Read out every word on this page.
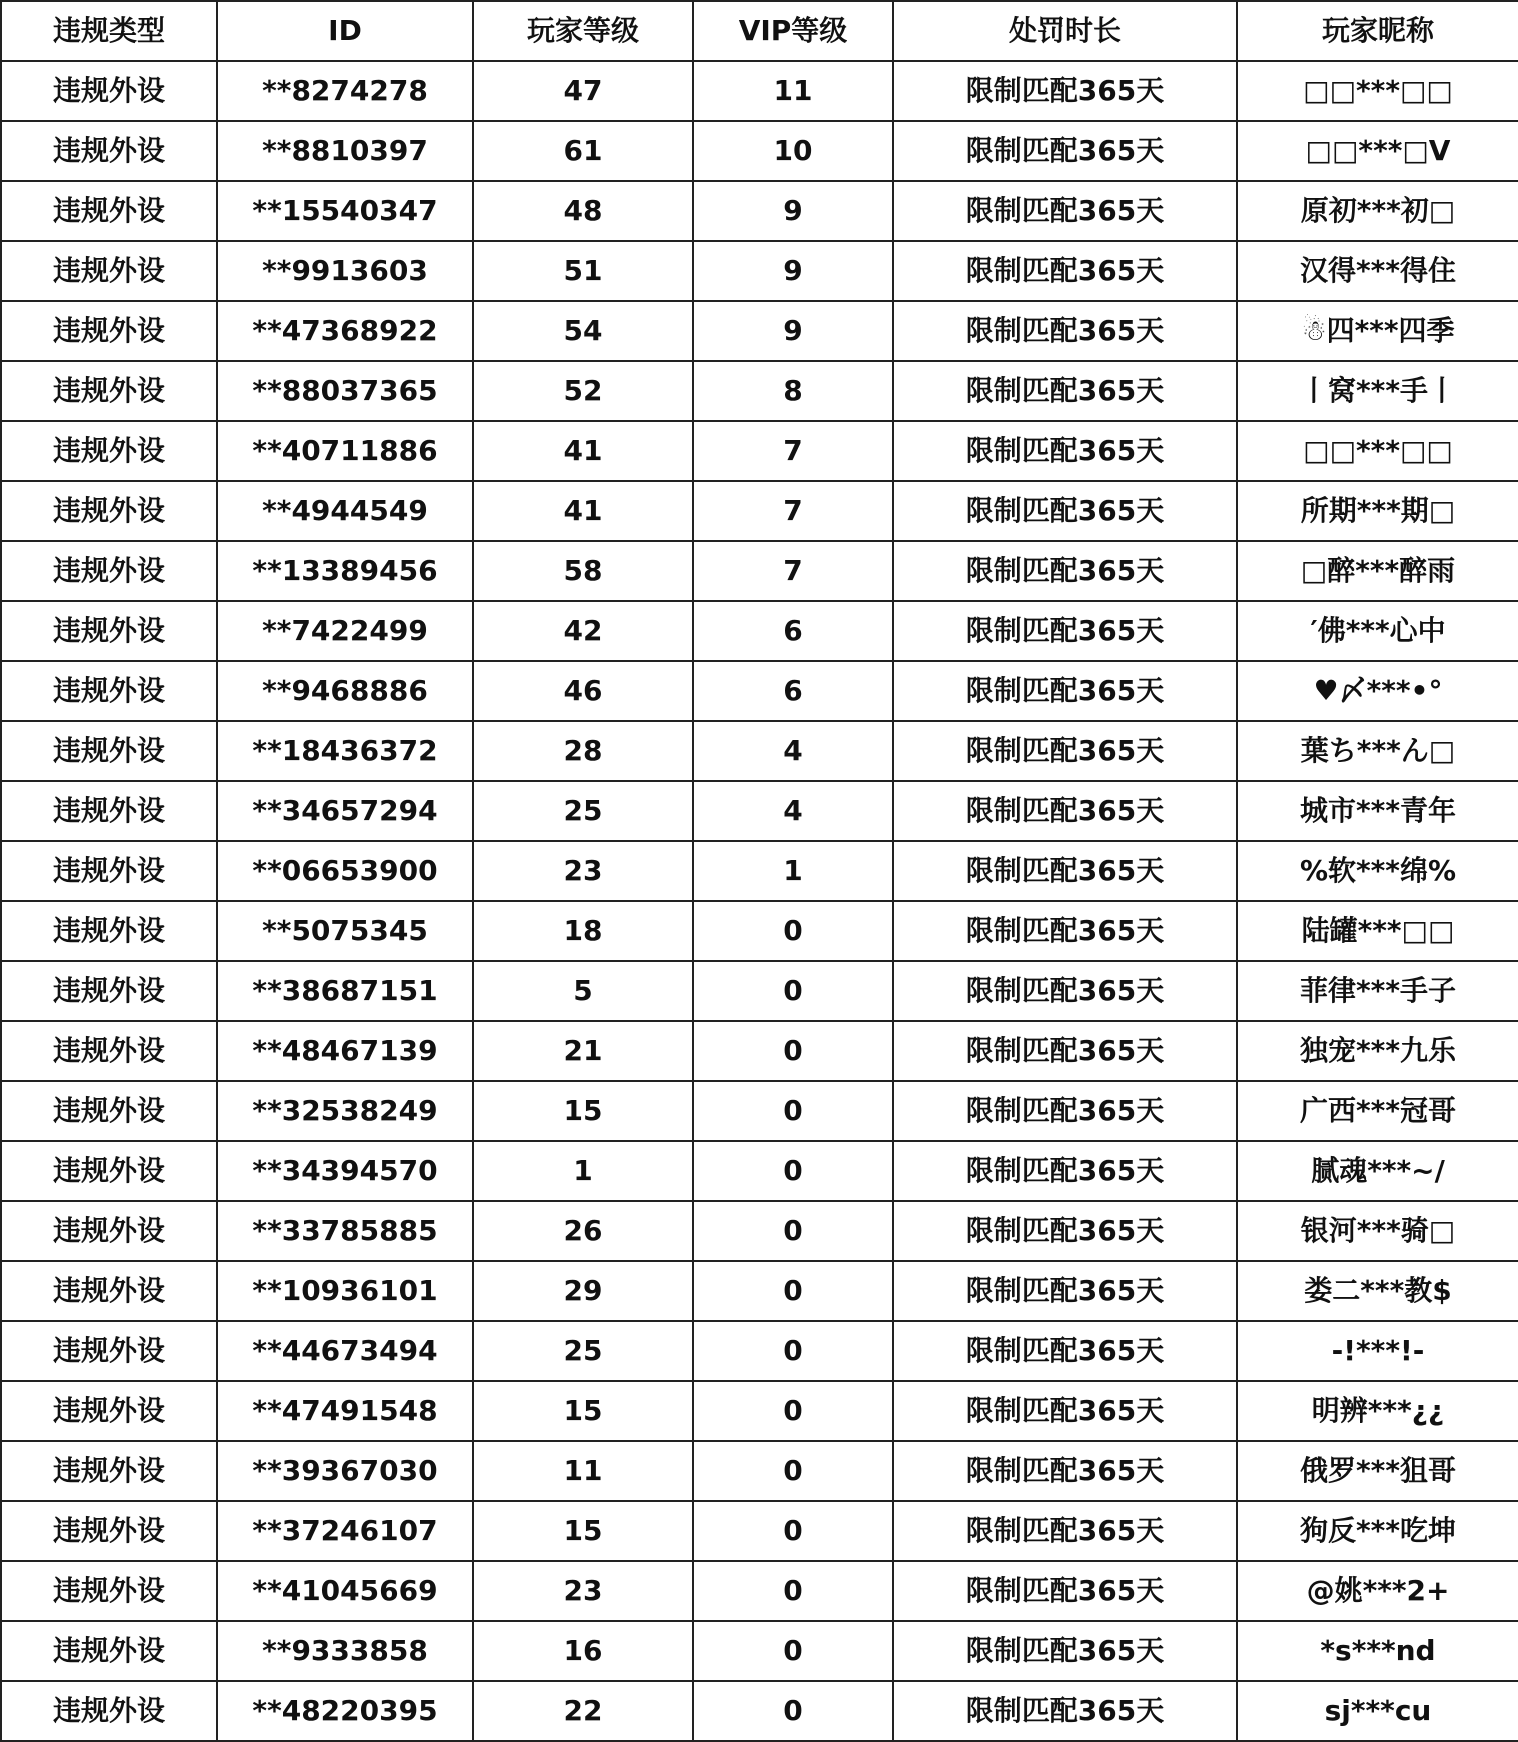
违规类型	ID	玩家等级	VIP等级	处罚时长	玩家昵称
违规外设	**8274278	47	11	限制匹配365天	□□***□□
违规外设	**8810397	61	10	限制匹配365天	□□***□V
违规外设	**15540347	48	9	限制匹配365天	原初***初□
违规外设	**9913603	51	9	限制匹配365天	汉得***得住
违规外设	**47368922	54	9	限制匹配365天	☃四***四季
违规外设	**88037365	52	8	限制匹配365天	丨窝***手丨
违规外设	**40711886	41	7	限制匹配365天	□□***□□
违规外设	**4944549	41	7	限制匹配365天	所期***期□
违规外设	**13389456	58	7	限制匹配365天	□醉***醉雨
违规外设	**7422499	42	6	限制匹配365天	′佛***心中
违规外设	**9468886	46	6	限制匹配365天	♥〆***•°
违规外设	**18436372	28	4	限制匹配365天	葉ち***ん□
违规外设	**34657294	25	4	限制匹配365天	城市***青年
违规外设	**06653900	23	1	限制匹配365天	%软***绵%
违规外设	**5075345	18	0	限制匹配365天	陆罐***□□
违规外设	**38687151	5	0	限制匹配365天	菲律***手子
违规外设	**48467139	21	0	限制匹配365天	独宠***九乐
违规外设	**32538249	15	0	限制匹配365天	广西***冠哥
违规外设	**34394570	1	0	限制匹配365天	腻魂***~/
违规外设	**33785885	26	0	限制匹配365天	银河***骑□
违规外设	**10936101	29	0	限制匹配365天	娄二***教$
违规外设	**44673494	25	0	限制匹配365天	-!***!-
违规外设	**47491548	15	0	限制匹配365天	明辨***¿¿
违规外设	**39367030	11	0	限制匹配365天	俄罗***狙哥
违规外设	**37246107	15	0	限制匹配365天	狗反***吃坤
违规外设	**41045669	23	0	限制匹配365天	@姚***2+
违规外设	**9333858	16	0	限制匹配365天	*s***nd
违规外设	**48220395	22	0	限制匹配365天	sj***cu
